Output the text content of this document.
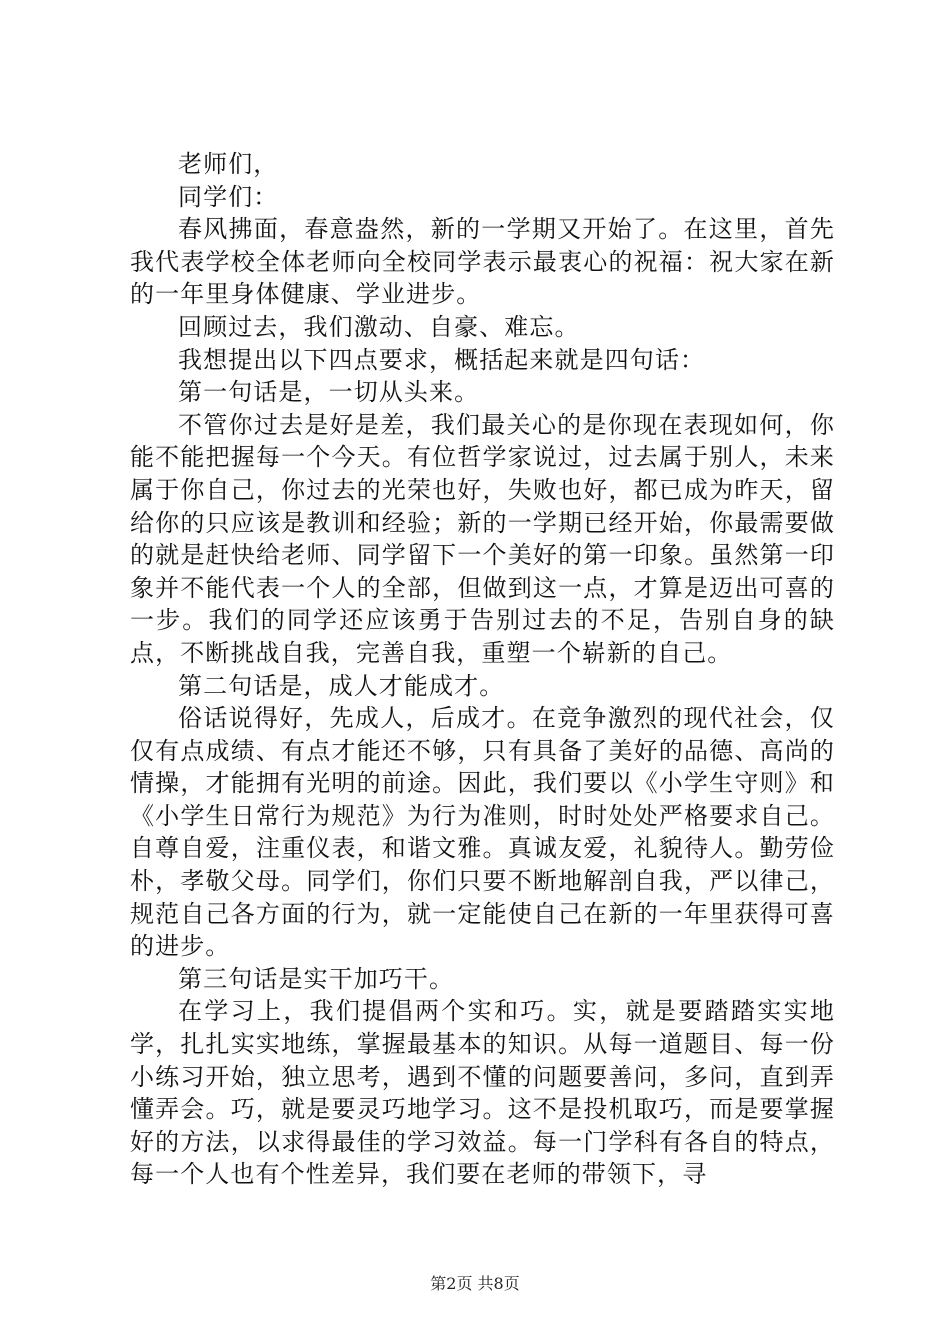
老师们，

同学们：

春风拂面，春意盎然，新的一学期又开始了。在这里，首先我代表学校全体老师向全校同学表示最衷心的祝福：祝大家在新的一年里身体健康、学业进步。

回顾过去，我们激动、自豪、难忘。

我想提出以下四点要求，概括起来就是四句话：

第一句话是，一切从头来。

不管你过去是好是差，我们最关心的是你现在表现如何，你能不能把握每一个今天。有位哲学家说过，过去属于别人，未来属于你自己，你过去的光荣也好，失败也好，都已成为昨天，留给你的只应该是教训和经验；新的一学期已经开始，你最需要做的就是赶快给老师、同学留下一个美好的第一印象。虽然第一印象并不能代表一个人的全部，但做到这一点，才算是迈出可喜的一步。我们的同学还应该勇于告别过去的不足，告别自身的缺点，不断挑战自我，完善自我，重塑一个崭新的自己。

第二句话是，成人才能成才。

俗话说得好，先成人，后成才。在竞争激烈的现代社会，仅仅有点成绩、有点才能还不够，只有具备了美好的品德、高尚的情操，才能拥有光明的前途。因此，我们要以《小学生守则》和《小学生日常行为规范》为行为准则，时时处处严格要求自己。自尊自爱，注重仪表，和谐文雅。真诚友爱，礼貌待人。勤劳俭朴，孝敬父母。同学们，你们只要不断地解剖自我，严以律己，规范自己各方面的行为，就一定能使自己在新的一年里获得可喜的进步。

第三句话是实干加巧干。

在学习上，我们提倡两个实和巧。实，就是要踏踏实实地学，扎扎实实地练，掌握最基本的知识。从每一道题目、每一份小练习开始，独立思考，遇到不懂的问题要善问，多问，直到弄懂弄会。巧，就是要灵巧地学习。这不是投机取巧，而是要掌握好的方法，以求得最佳的学习效益。每一门学科有各自的特点，每一个人也有个性差异，我们要在老师的带领下，寻

第2页 共8页
